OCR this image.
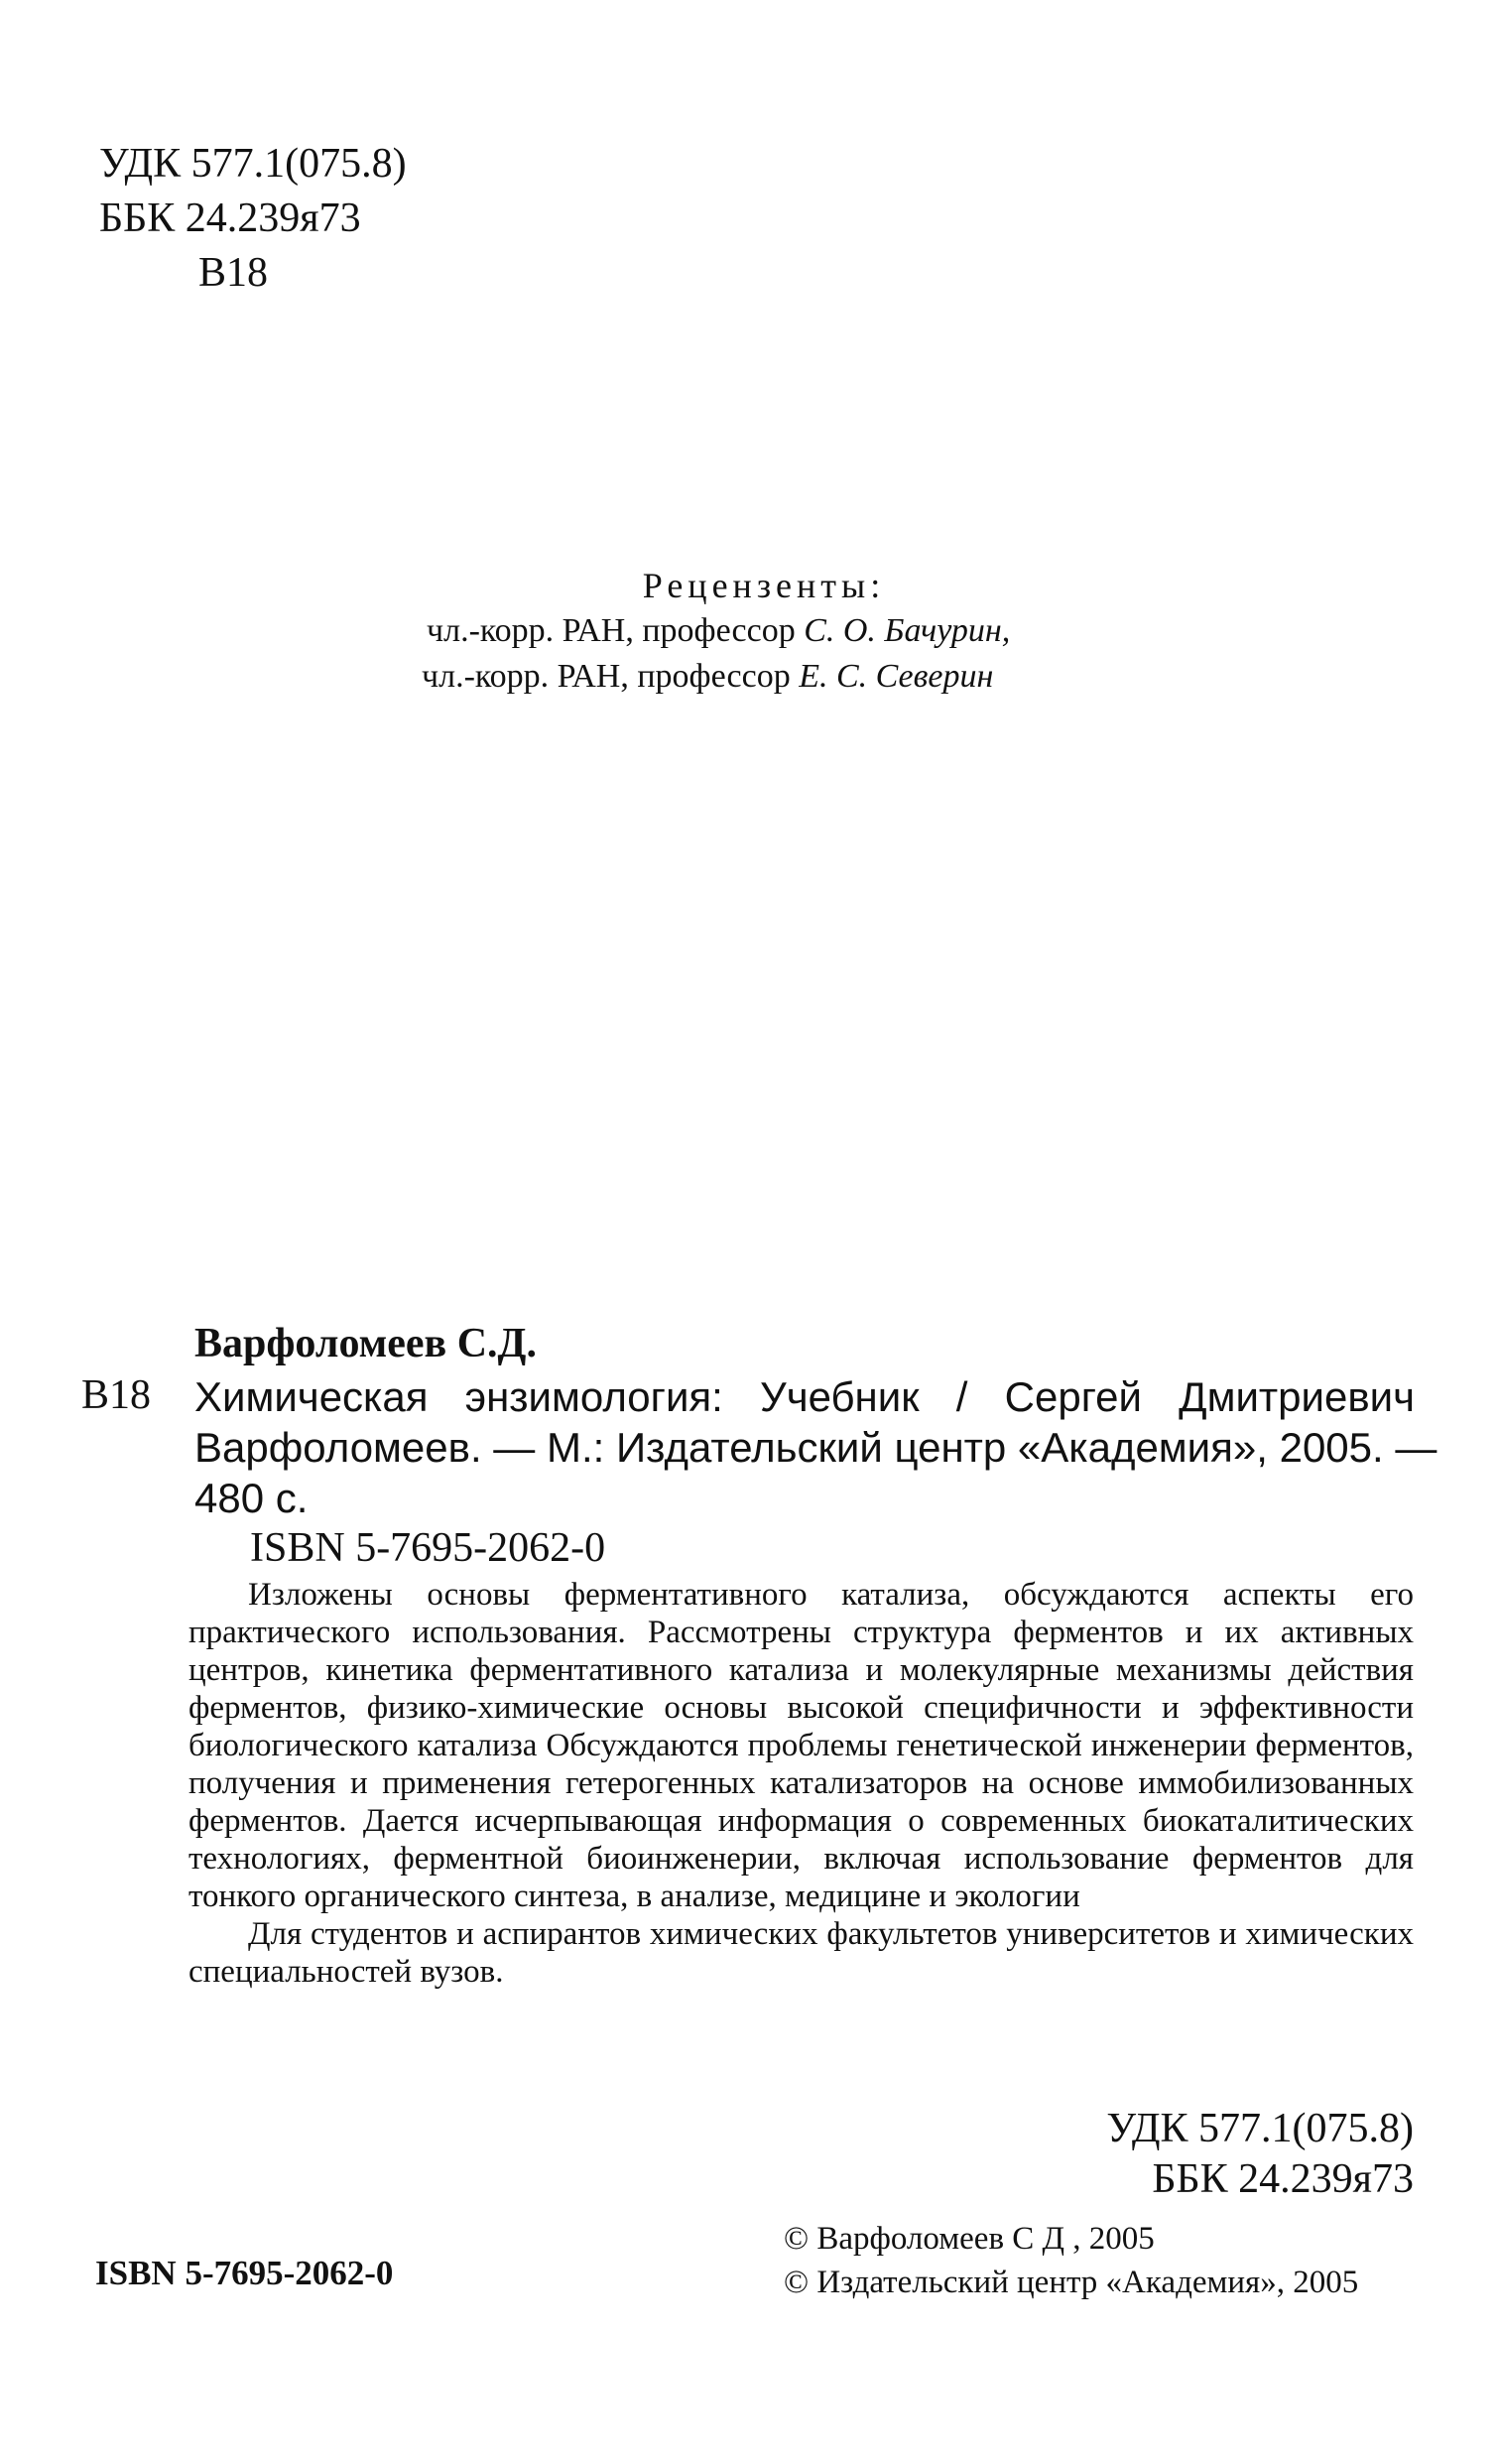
УДК 577.1(075.8)
ББК 24.239я73
В18
Рецензенты:
чл.-корр. РАН, профессор С. О. Бачурин,
чл.-корр. РАН, профессор Е. С. Северин
Варфоломеев С.Д.
В18 Химическая энзимология: Учебник / Сергей Дмитриевич
Варфоломеев. — М.: Издательский центр «Академия», 2005. —
480 с.
ISBN 5-7695-2062-0
Изложены основы ферментативного катализа, обсуждаются аспекты его практического использования. Рассмотрены структура ферментов и их активных центров, кинетика ферментативного катализа и молекулярные механизмы действия ферментов, физико-химические основы высокой специфичности и эффективности биологического катализа Обсуждаются проблемы генетической инженерии ферментов, получения и применения гетерогенных катализаторов на основе иммобилизованных ферментов. Дается исчерпывающая информация о современных биокаталитических технологиях, ферментной биоинженерии, включая использование ферментов для тонкого органического синтеза, в анализе, медицине и экологии
Для студентов и аспирантов химических факультетов университетов и химических специальностей вузов.
УДК 577.1(075.8)
ББК 24.239я73
ISBN 5-7695-2062-0
© Варфоломеев С Д , 2005
© Издательский центр «Академия», 2005
